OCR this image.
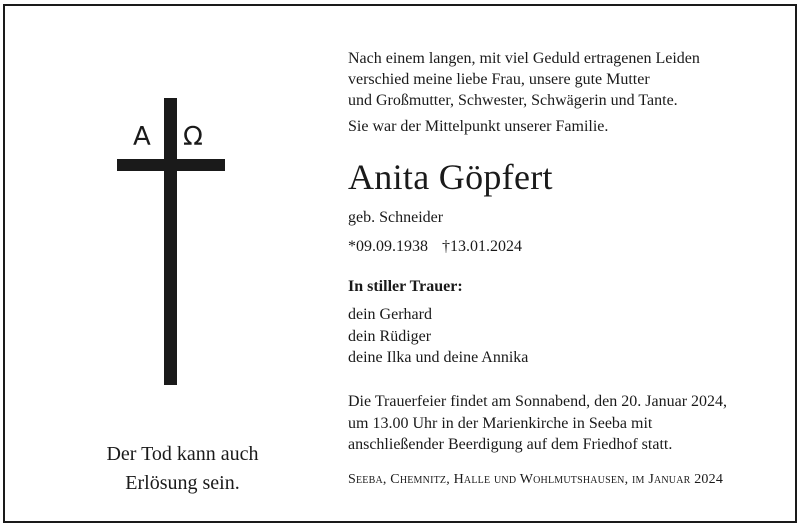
Α Ω
Der Tod kann auch
Erlösung sein.
Nach einem langen, mit viel Geduld ertragenen Leiden
verschied meine liebe Frau, unsere gute Mutter
und Großmutter, Schwester, Schwägerin und Tante.
Sie war der Mittelpunkt unserer Familie.
Anita Göpfert
geb. Schneider
*09.09.1938 †13.01.2024
In stiller Trauer:
dein Gerhard
dein Rüdiger
deine Ilka und deine Annika
Die Trauerfeier findet am Sonnabend, den 20. Januar 2024,
um 13.00 Uhr in der Marienkirche in Seeba mit
anschließender Beerdigung auf dem Friedhof statt.
Seeba, Chemnitz, Halle und Wohlmutshausen, im Januar 2024
